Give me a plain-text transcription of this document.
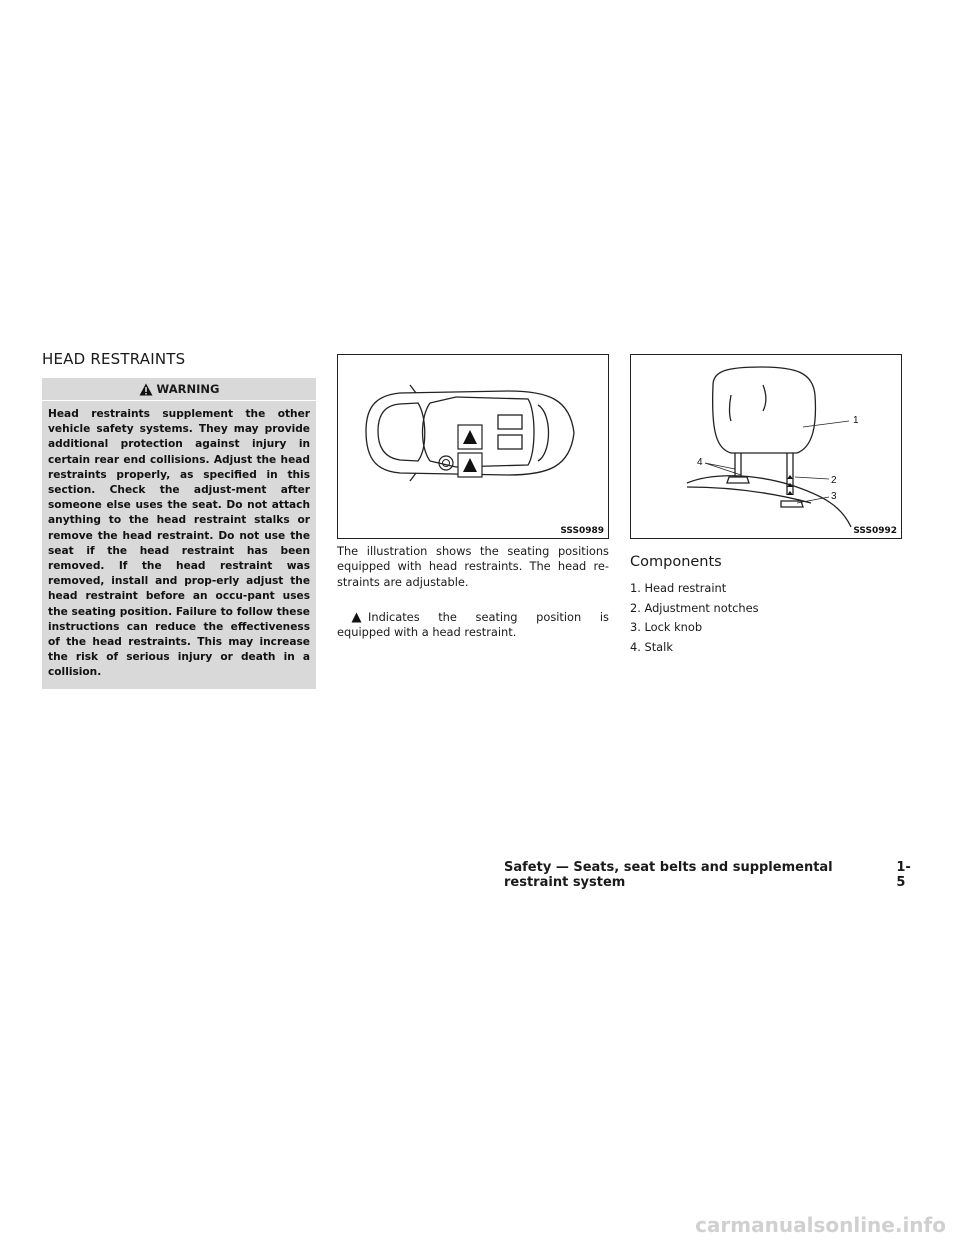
HEAD RESTRAINTS
WARNING

Head restraints supplement the other vehicle safety systems. They may provide additional protection against injury in certain rear end collisions. Adjust the head restraints properly, as specified in this section. Check the adjust-ment after someone else uses the seat. Do not attach anything to the head restraint stalks or remove the head restraint. Do not use the seat if the head restraint has been removed. If the head restraint was removed, install and prop-erly adjust the head restraint before an occu-pant uses the seating position. Failure to follow these instructions can reduce the effectiveness of the head restraints. This may increase the risk of serious injury or death in a collision.

SSS0989
1
2
3
4
SSS0992

The illustration shows the seating positions equipped with head restraints. The head re-straints are adjustable.

Indicates the seating position is
equipped with a head restraint.
Components
1. Head restraint
2. Adjustment notches
3. Lock knob
4. Stalk
Safety — Seats, seat belts and supplemental restraint system
1-5
carmanualsonline.info
